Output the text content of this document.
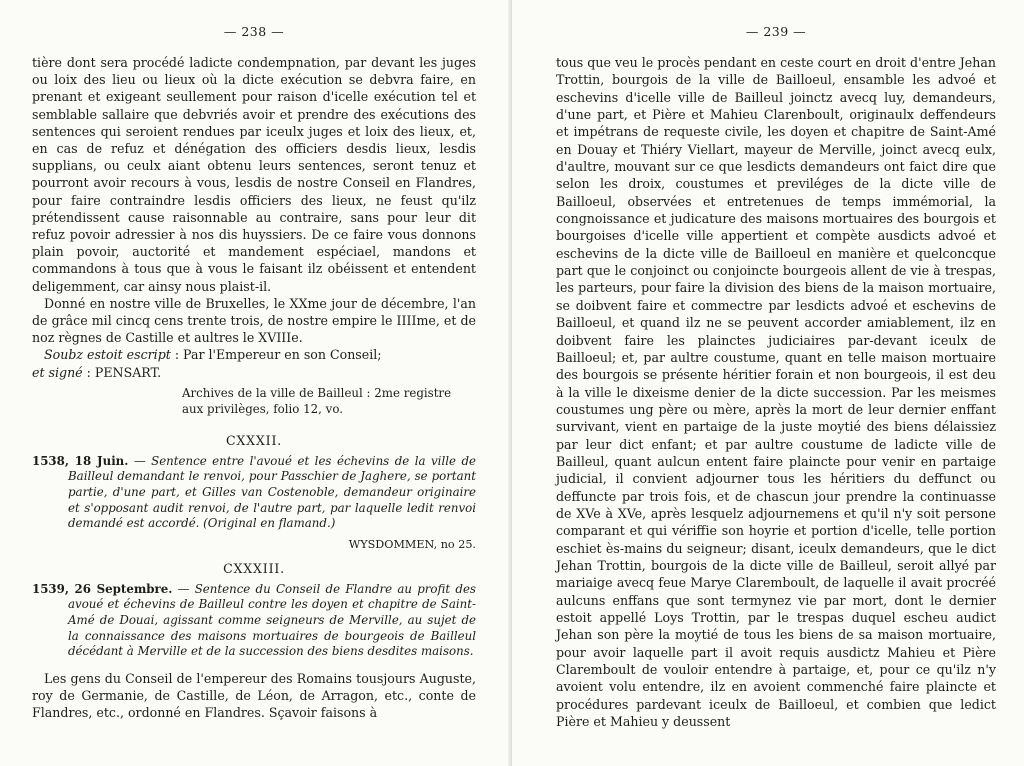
— 238 —

tière dont sera procédé ladicte condempnation, par devant les juges ou loix des lieu ou lieux où la dicte exécution se debvra faire, en prenant et exigeant seullement pour raison d'icelle exécution tel et semblable sallaire que debvriés avoir et prendre des exécutions des sentences qui seroient rendues par iceulx juges et loix des lieux, et, en cas de refuz et dénégation des officiers desdis lieux, lesdis supplians, ou ceulx aiant obtenu leurs sentences, seront tenuz et pourront avoir recours à vous, lesdis de nostre Conseil en Flandres, pour faire contraindre lesdis officiers des lieux, ne feust qu'ilz prétendissent cause raisonnable au contraire, sans pour leur dit refuz povoir adressier à nos dis huyssiers. De ce faire vous donnons plain povoir, auctorité et mandement espéciael, mandons et commandons à tous que à vous le faisant ilz obéissent et entendent deligemment, car ainsy nous plaist-il.

Donné en nostre ville de Bruxelles, le XXme jour de décembre, l'an de grâce mil cincq cens trente trois, de nostre empire le IIIIme, et de noz règnes de Castille et aultres le XVIIIe.

Soubz estoit escript : Par l'Empereur en son Conseil;

et signé : PENSART.

Archives de la ville de Bailleul : 2me registre aux privilèges, folio 12, vo.
CXXXII.

1538, 18 Juin. — Sentence entre l'avoué et les échevins de la ville de Bailleul demandant le renvoi, pour Passchier de Jaghere, se portant partie, d'une part, et Gilles van Costenoble, demandeur originaire et s'opposant audit renvoi, de l'autre part, par laquelle ledit renvoi demandé est accordé. (Original en flamand.)

WYSDOMMEN, no 25.
CXXXIII.

1539, 26 Septembre. — Sentence du Conseil de Flandre au profit des avoué et échevins de Bailleul contre les doyen et chapitre de Saint-Amé de Douai, agissant comme seigneurs de Merville, au sujet de la connaissance des maisons mortuaires de bourgeois de Bailleul décédant à Merville et de la succession des biens desdites maisons.

Les gens du Conseil de l'empereur des Romains tousjours Auguste, roy de Germanie, de Castille, de Léon, de Arragon, etc., conte de Flandres, etc., ordonné en Flandres. Sçavoir faisons à

— 239 —

tous que veu le procès pendant en ceste court en droit d'entre Jehan Trottin, bourgois de la ville de Bailloeul, ensamble les advoé et eschevins d'icelle ville de Bailleul joinctz avecq luy, demandeurs, d'une part, et Pière et Mahieu Clarenboult, originaulx deffendeurs et impétrans de requeste civile, les doyen et chapitre de Saint-Amé en Douay et Thiéry Viellart, mayeur de Merville, joinct avecq eulx, d'aultre, mouvant sur ce que lesdicts demandeurs ont faict dire que selon les droix, coustumes et previléges de la dicte ville de Bailloeul, observées et entretenues de temps immémorial, la congnoissance et judicature des maisons mortuaires des bourgois et bourgoises d'icelle ville appertient et compète ausdicts advoé et eschevins de la dicte ville de Bailloeul en manière et quelconcque part que le conjoinct ou conjoincte bourgeois allent de vie à trespas, les parteurs, pour faire la division des biens de la maison mortuaire, se doibvent faire et commectre par lesdicts advoé et eschevins de Bailloeul, et quand ilz ne se peuvent accorder amiablement, ilz en doibvent faire les plainctes judiciaires par-devant iceulx de Bailloeul; et, par aultre coustume, quant en telle maison mortuaire des bourgois se présente héritier forain et non bourgeois, il est deu à la ville le dixeisme denier de la dicte succession. Par les meismes coustumes ung père ou mère, après la mort de leur dernier enffant survivant, vient en partaige de la juste moytié des biens délaissiez par leur dict enfant; et par aultre coustume de ladicte ville de Bailleul, quant aulcun entent faire plaincte pour venir en partaige judicial, il convient adjourner tous les héritiers du deffunct ou deffuncte par trois fois, et de chascun jour prendre la continuasse de XVe à XVe, après lesquelz adjournemens et qu'il n'y soit persone comparant et qui vériffie son hoyrie et portion d'icelle, telle portion eschiet ès-mains du seigneur; disant, iceulx demandeurs, que le dict Jehan Trottin, bourgois de la dicte ville de Bailleul, seroit allyé par mariaige avecq feue Marye Claremboult, de laquelle il avait procréé aulcuns enffans que sont termynez vie par mort, dont le dernier estoit appellé Loys Trottin, par le trespas duquel escheu audict Jehan son père la moytié de tous les biens de sa maison mortuaire, pour avoir laquelle part il avoit requis ausdictz Mahieu et Pière Claremboult de vouloir entendre à partaige, et, pour ce qu'ilz n'y avoient volu entendre, ilz en avoient commenché faire plaincte et procédures pardevant iceulx de Bailloeul, et combien que ledict Pière et Mahieu y deussent
